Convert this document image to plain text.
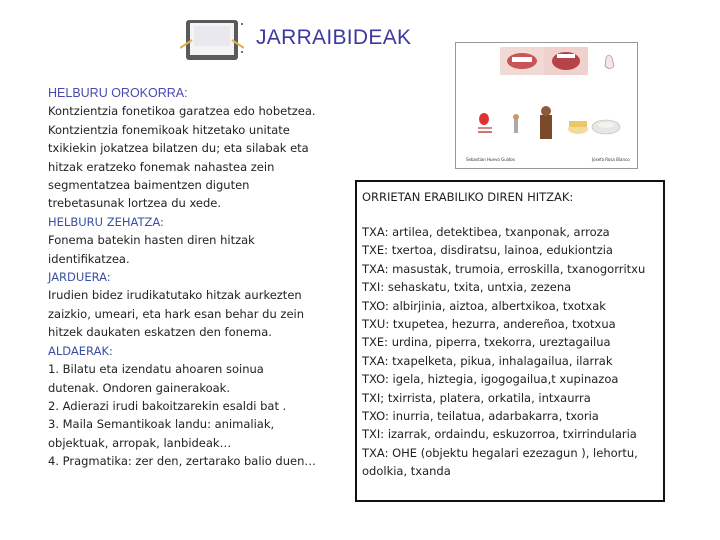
JARRAIBIDEAK

HELBURU OROKORRA:

Kontzientzia fonetikoa garatzea edo hobetzea.

Kontzientzia fonemikoak hitzetako unitate

txikiekin jokatzea bilatzen du; eta silabak eta

hitzak eratzeko fonemak nahastea zein

segmentatzea baimentzen diguten

trebetasunak lortzea du xede.

HELBURU ZEHATZA:

Fonema batekin hasten diren hitzak

identifikatzea.

JARDUERA:

Irudien bidez irudikatutako hitzak aurkezten

zaizkio, umeari, eta hark esan behar du zein

hitzek daukaten eskatzen den fonema.

ALDAERAK:

1. Bilatu eta izendatu ahoaren soinua

dutenak. Ondoren gainerakoak.

2. Adierazi irudi bakoitzarekin esaldi bat .

3. Maila Semantikoak landu: animaliak,

objektuak, arropak, lanbideak…

4. Pragmatika: zer den, zertarako balio duen…

Sebastian Huevo Guidos	Josefa Rosa Blanco
ORRIETAN ERABILIKO DIREN HITZAK:

TXA: artilea, detektibea, txanponak, arroza

TXE: txertoa, disdiratsu, lainoa, edukiontzia

TXA: masustak, trumoia, erroskilla, txanogorritxu

TXI: sehaskatu, txita, untxia, zezena

TXO: albirjinia, aiztoa, albertxikoa, txotxak

TXU: txupetea, hezurra, andereñoa, txotxua

TXE: urdina, piperra, txekorra, ureztagailua

TXA: txapelketa, pikua, inhalagailua, ilarrak

TXO: igela, hiztegia, igogogailua,t xupinazoa

TXI; txirrista, platera, orkatila, intxaurra

TXO: inurria, teilatua, adarbakarra, txoria

TXI: izarrak, ordaindu, eskuzorroa, txirrindularia

TXA: OHE (objektu hegalari ezezagun ), lehortu,

odolkia, txanda
